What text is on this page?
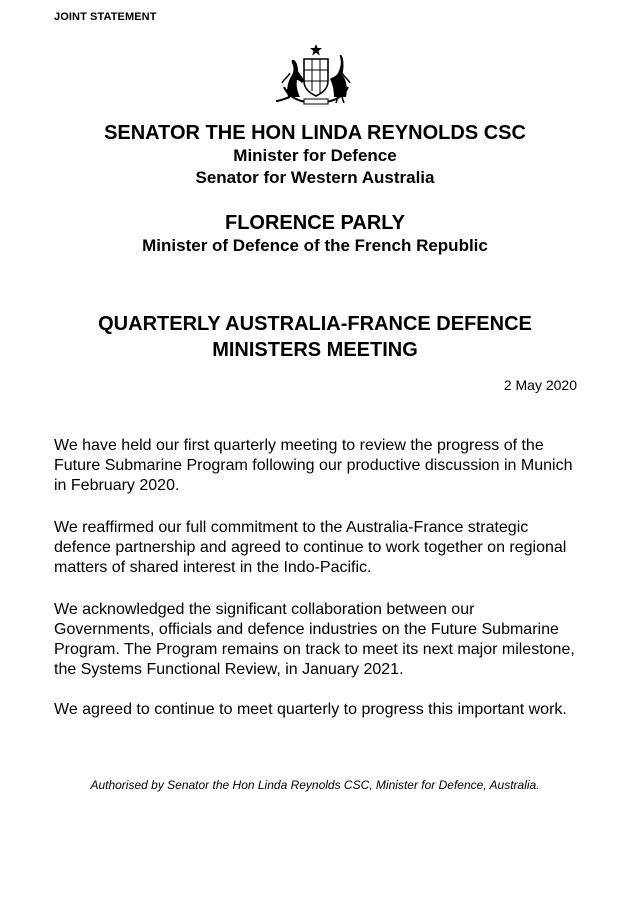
JOINT STATEMENT
SENATOR THE HON LINDA REYNOLDS CSC
Minister for Defence
Senator for Western Australia
FLORENCE PARLY
Minister of Defence of the French Republic
QUARTERLY AUSTRALIA-FRANCE DEFENCE
MINISTERS MEETING
2 May 2020

We have held our first quarterly meeting to review the progress of the Future Submarine Program following our productive discussion in Munich in February 2020.

We reaffirmed our full commitment to the Australia-France strategic defence partnership and agreed to continue to work together on regional matters of shared interest in the Indo-Pacific.

We acknowledged the significant collaboration between our Governments, officials and defence industries on the Future Submarine Program. The Program remains on track to meet its next major milestone, the Systems Functional Review, in January 2021.

We agreed to continue to meet quarterly to progress this important work.

Authorised by Senator the Hon Linda Reynolds CSC, Minister for Defence, Australia.
